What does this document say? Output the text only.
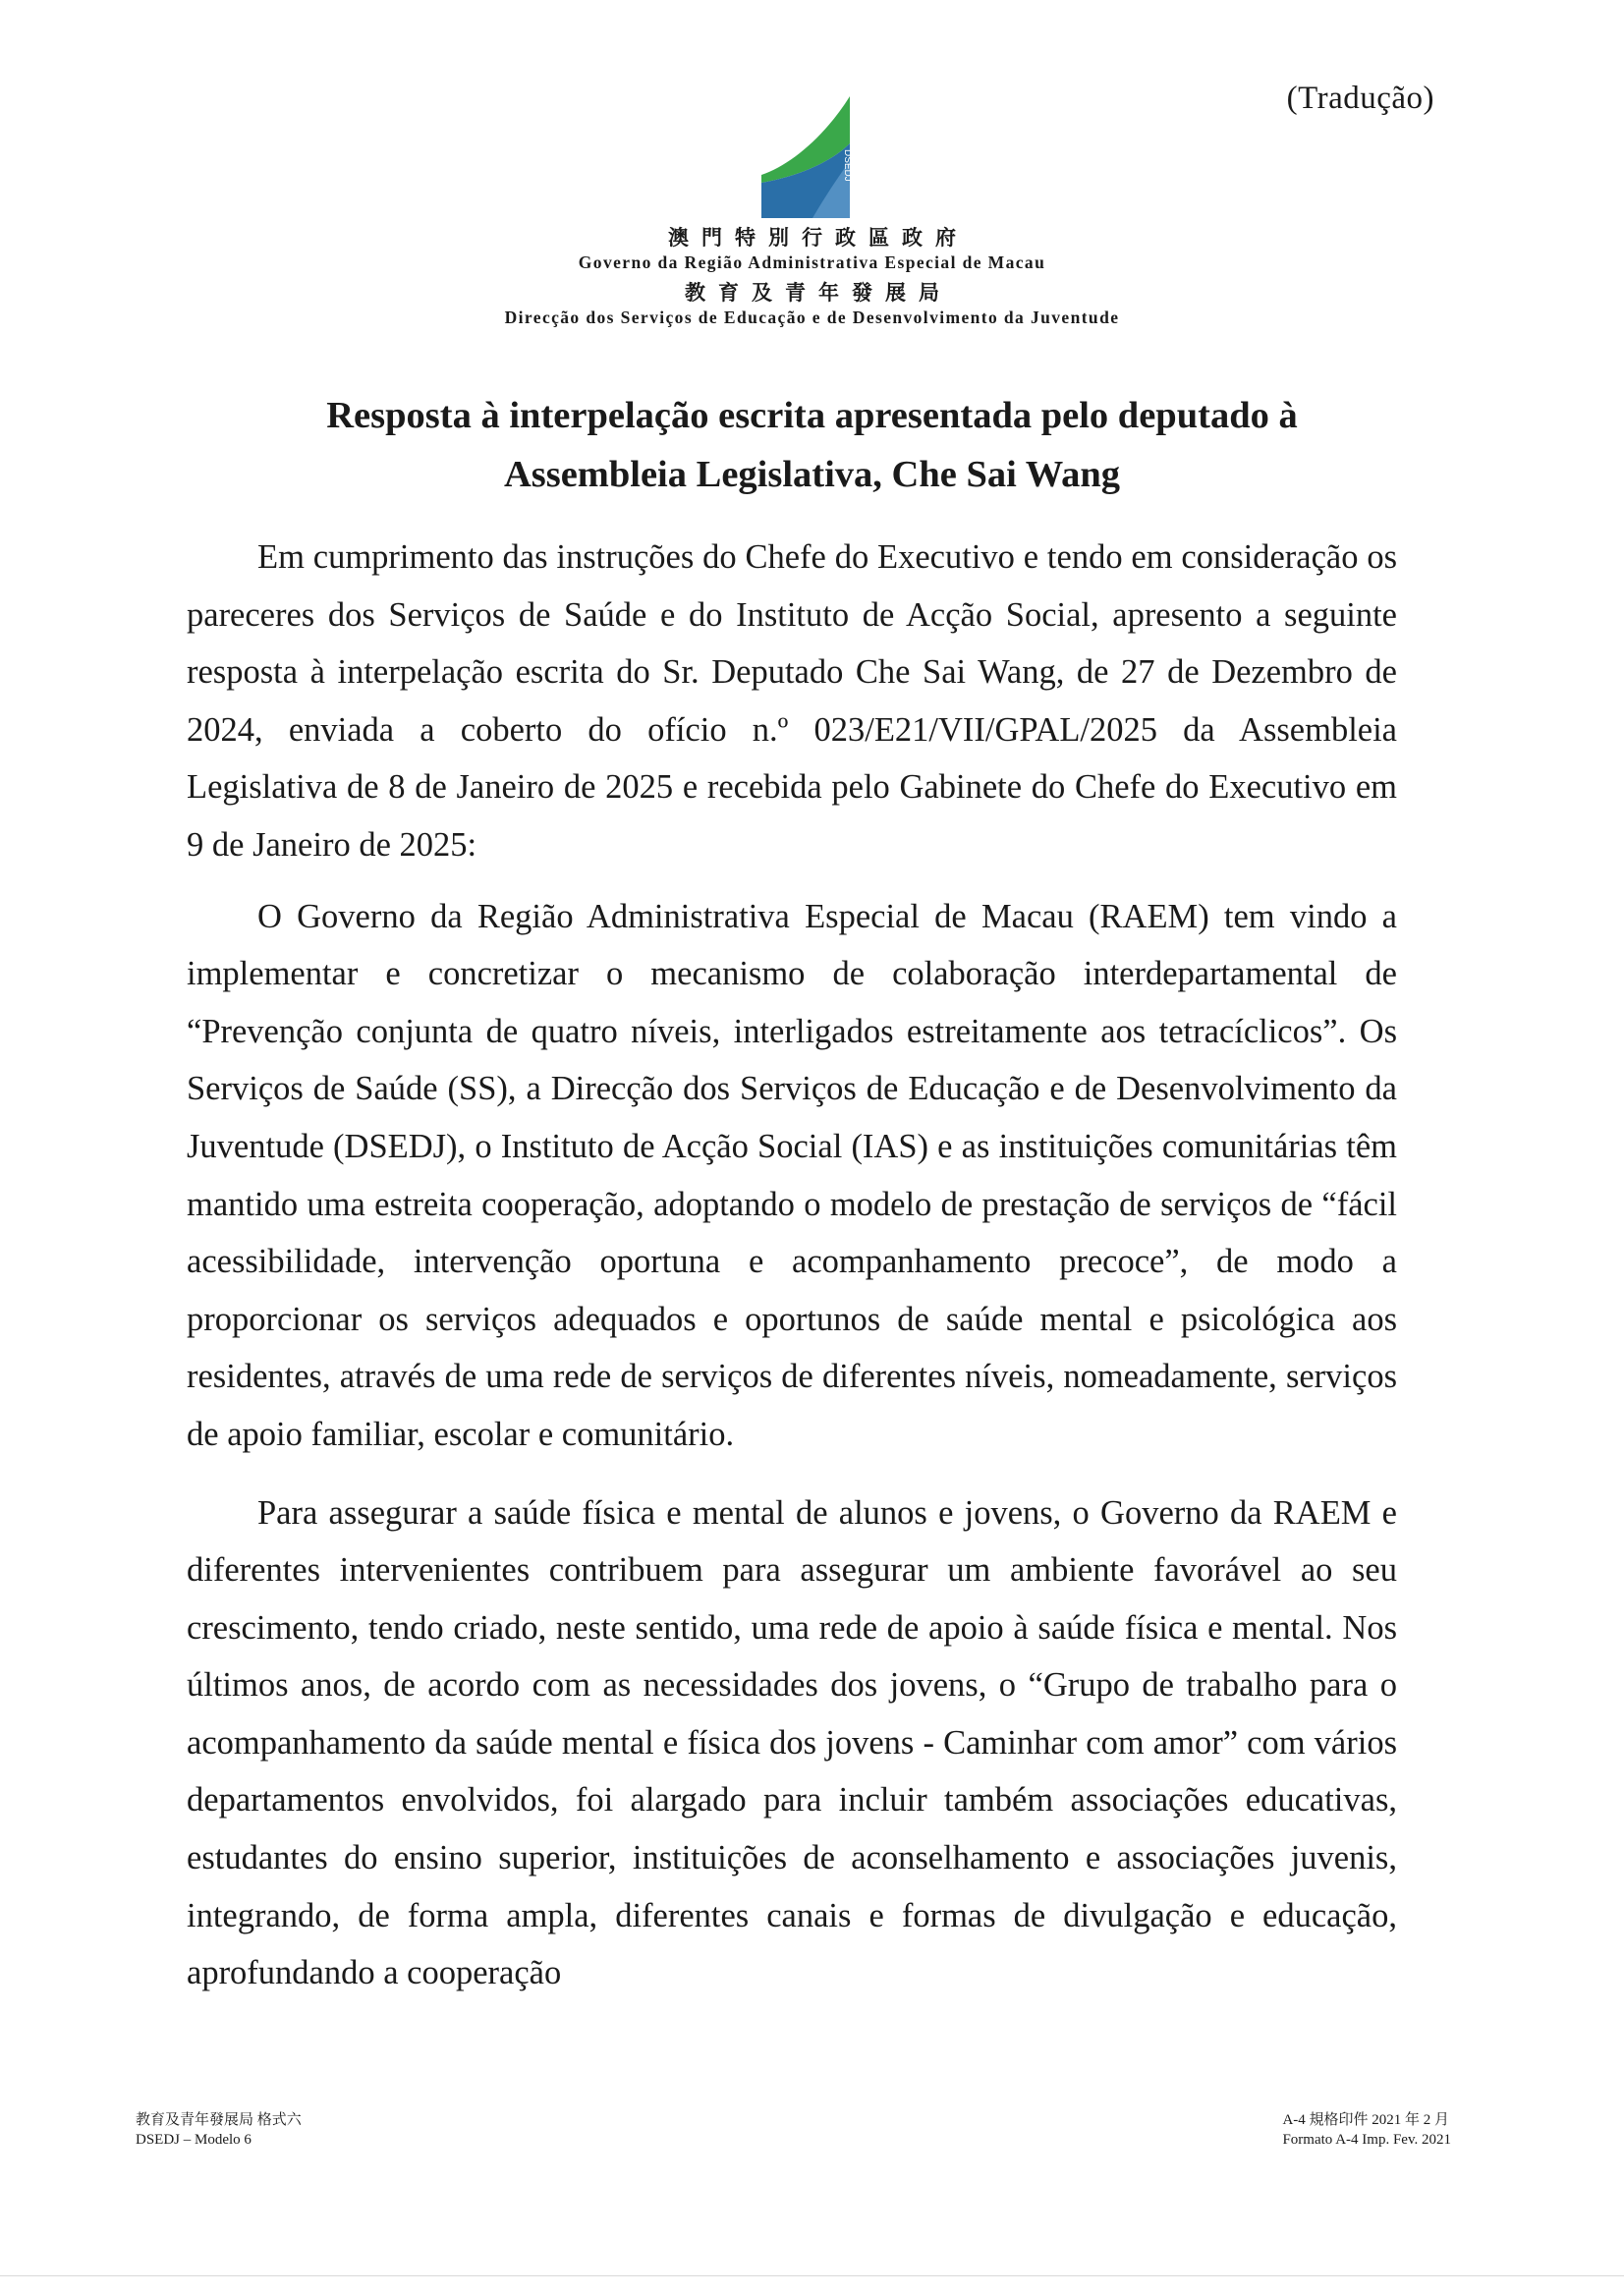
(Tradução)
DSEDJ

澳門特別行政區政府

Governo da Região Administrativa Especial de Macau

教育及青年發展局

Direcção dos Serviços de Educação e de Desenvolvimento da Juventude

Resposta à interpelação escrita apresentada pelo deputado à
Assembleia Legislativa, Che Sai Wang

Em cumprimento das instruções do Chefe do Executivo e tendo em consideração os pareceres dos Serviços de Saúde e do Instituto de Acção Social, apresento a seguinte resposta à interpelação escrita do Sr. Deputado Che Sai Wang, de 27 de Dezembro de 2024, enviada a coberto do ofício n.º 023/E21/VII/GPAL/2025 da Assembleia Legislativa de 8 de Janeiro de 2025 e recebida pelo Gabinete do Chefe do Executivo em 9 de Janeiro de 2025:

O Governo da Região Administrativa Especial de Macau (RAEM) tem vindo a implementar e concretizar o mecanismo de colaboração interdepartamental de “Prevenção conjunta de quatro níveis, interligados estreitamente aos tetracíclicos”. Os Serviços de Saúde (SS), a Direcção dos Serviços de Educação e de Desenvolvimento da Juventude (DSEDJ), o Instituto de Acção Social (IAS) e as instituições comunitárias têm mantido uma estreita cooperação, adoptando o modelo de prestação de serviços de “fácil acessibilidade, intervenção oportuna e acompanhamento precoce”, de modo a proporcionar os serviços adequados e oportunos de saúde mental e psicológica aos residentes, através de uma rede de serviços de diferentes níveis, nomeadamente, serviços de apoio familiar, escolar e comunitário.

Para assegurar a saúde física e mental de alunos e jovens, o Governo da RAEM e diferentes intervenientes contribuem para assegurar um ambiente favorável ao seu crescimento, tendo criado, neste sentido, uma rede de apoio à saúde física e mental. Nos últimos anos, de acordo com as necessidades dos jovens, o “Grupo de trabalho para o acompanhamento da saúde mental e física dos jovens - Caminhar com amor” com vários departamentos envolvidos, foi alargado para incluir também associações educativas, estudantes do ensino superior, instituições de aconselhamento e associações juvenis, integrando, de forma ampla, diferentes canais e formas de divulgação e educação, aprofundando a cooperação

教育及青年發展局 格式六
DSEDJ – Modelo 6
A-4 規格印件 2021 年 2 月
Formato A-4 Imp. Fev. 2021
